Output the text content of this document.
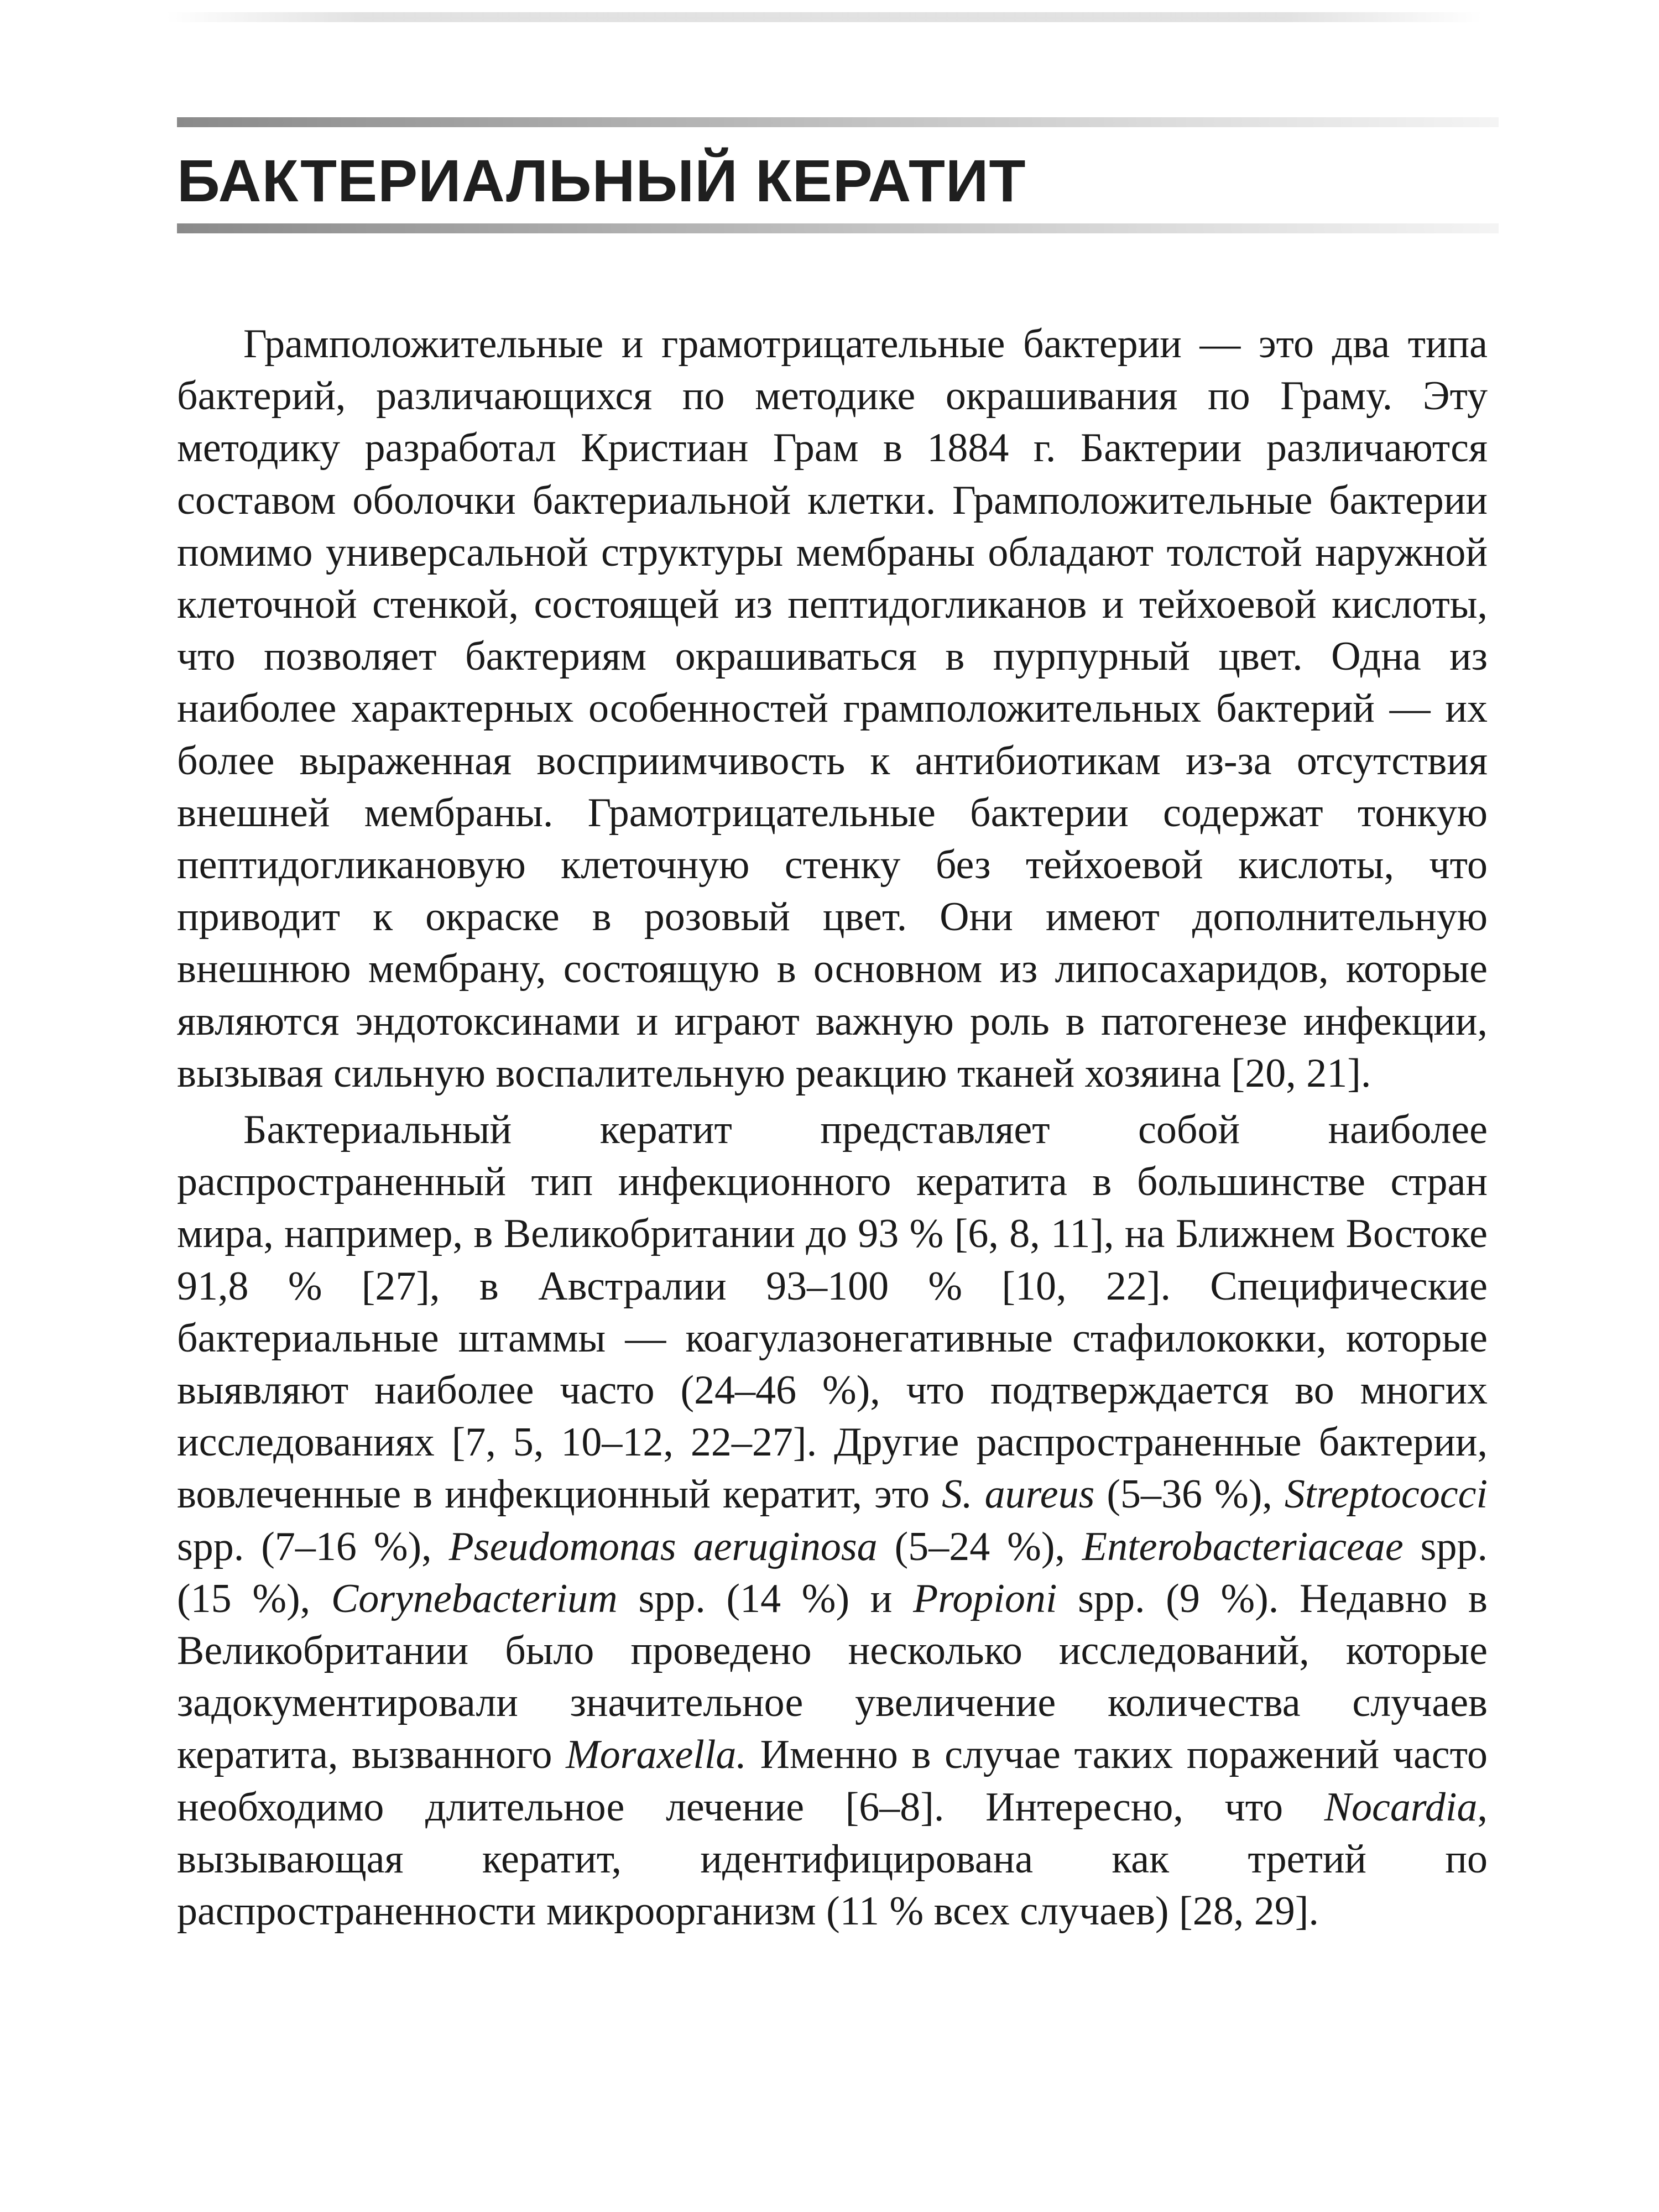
БАКТЕРИАЛЬНЫЙ КЕРАТИТ

Грамположительные и грамотрицательные бактерии — это два типа бактерий, различающихся по методике окрашивания по Граму. Эту методику разработал Кристиан Грам в 1884 г. Бактерии различаются составом оболочки бактериальной клетки. Грамположительные бактерии помимо универсальной структуры мембраны обладают толстой наружной клеточной стенкой, состоящей из пептидогликанов и тейхоевой кислоты, что позволяет бактериям окрашиваться в пурпурный цвет. Одна из наиболее характерных особенностей грамположительных бактерий — их более выраженная восприимчивость к антибиотикам из-за отсутствия внешней мембраны. Грамотрицательные бактерии содержат тонкую пептидогликановую клеточную стенку без тейхоевой кислоты, что приводит к окраске в розовый цвет. Они имеют дополнительную внешнюю мембрану, состоящую в основном из липосахаридов, которые являются эндотоксинами и играют важную роль в патогенезе инфекции, вызывая сильную воспалительную реакцию тканей хозяина [20, 21].

Бактериальный кератит представляет собой наиболее распространенный тип инфекционного кератита в большинстве стран мира, например, в Великобритании до 93 % [6, 8, 11], на Ближнем Востоке 91,8 % [27], в Австралии 93–100 % [10, 22]. Специфические бактериальные штаммы — коагулазонегативные стафилококки, которые выявляют наиболее часто (24–46 %), что подтверждается во многих исследованиях [7, 5, 10–12, 22–27]. Другие распространенные бактерии, вовлеченные в инфекционный кератит, это S. aureus (5–36 %), Streptococci spp. (7–16 %), Pseudomonas aeruginosa (5–24 %), Enterobacteriaceae spp. (15 %), Corynebacterium spp. (14 %) и Propioni spp. (9 %). Недавно в Великобритании было проведено несколько исследований, которые задокументировали значительное увеличение количества случаев кератита, вызванного Moraxella. Именно в случае таких поражений часто необходимо длительное лечение [6–8]. Интересно, что Nocardia, вызывающая кератит, идентифицирована как третий по распространенности микроорганизм (11 % всех случаев) [28, 29].
